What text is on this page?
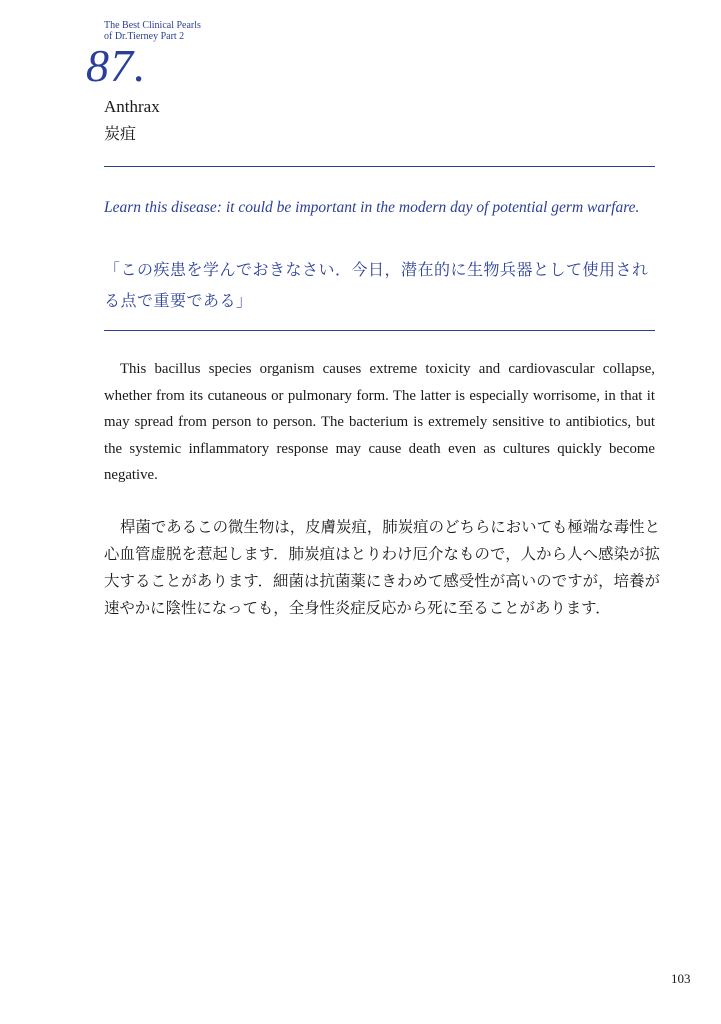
The Best Clinical Pearls
of Dr.Tierney Part 2
87.
Anthrax
炭疽
Learn this disease: it could be important in the modern day of potential germ warfare.
「この疾患を学んでおきなさい．今日，潜在的に生物兵器として使用される点で重要である」

This bacillus species organism causes extreme toxicity and cardiovascular collapse, whether from its cutaneous or pulmonary form. The latter is especially worrisome, in that it may spread from person to person. The bacterium is extremely sensitive to antibiotics, but the systemic inflammatory response may cause death even as cultures quickly become negative.

桿菌であるこの微生物は，皮膚炭疽，肺炭疽のどちらにおいても極端な毒性と心血管虚脱を惹起します．肺炭疽はとりわけ厄介なもので，人から人へ感染が拡大することがあります．細菌は抗菌薬にきわめて感受性が高いのですが，培養が速やかに陰性になっても，全身性炎症反応から死に至ることがあります．

103
